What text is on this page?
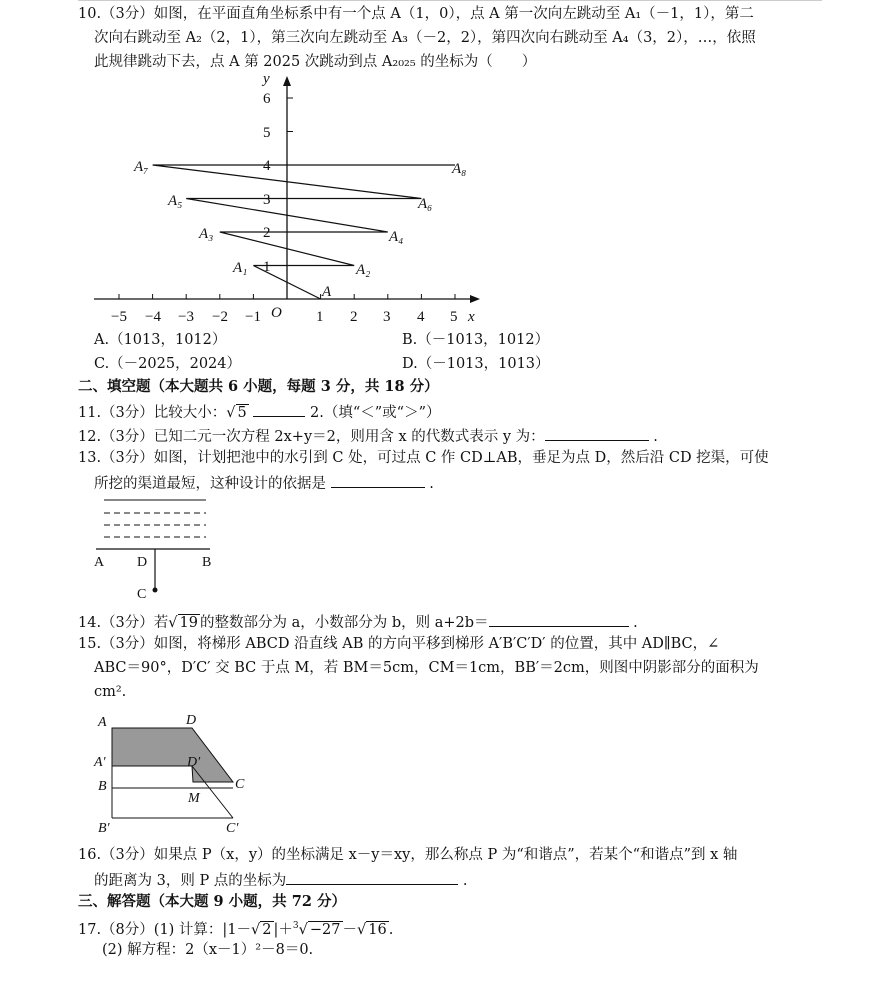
10.（3分）如图，在平面直角坐标系中有一个点 A（1，0），点 A 第一次向左跳动至 A₁（－1，1），第二
次向右跳动至 A₂（2，1），第三次向左跳动至 A₃（－2，2），第四次向右跳动至 A₄（3，2），…，依照
此规律跳动下去，点 A 第 2025 次跳动到点 A₂₀₂₅ 的坐标为（　　）
−5 −4 −3 −2 −1 O 1 2 3 4 5 x
6
5
4
3
2
1
y
A
A₁	A₂
A₃	A₄
A₅	A₆
A₇	A₈
A.（1013，1012）	B.（－1013，1012）
C.（－2025，2024）	D.（－1013，1013）
二、填空题（本大题共 6 小题，每题 3 分，共 18 分）
11.（3分）比较大小：√ 5	2.（填“＜”或“＞”）
12.（3分）已知二元一次方程 2x+y＝2，则用含 x 的代数式表示 y 为：	.
13.（3分）如图，计划把池中的水引到 C 处，可过点 C 作 CD⊥AB，垂足为点 D，然后沿 CD 挖渠，可使
所挖的渠道最短，这种设计的依据是	.
A D	B
C
14.（3分）若√ 19 的整数部分为 a，小数部分为 b，则 a+2b＝	.
15.（3分）如图，将梯形 ABCD 沿直线 AB 的方向平移到梯形 A′B′C′D′ 的位置，其中 AD∥BC，∠
ABC＝90°，D′C′ 交 BC 于点 M，若 BM＝5cm，CM＝1cm，BB′＝2cm，则图中阴影部分的面积为
cm².
A	D
A′	D′
B
M
C
B′	C′
16.（3分）如果点 P（x，y）的坐标满足 x－y＝xy，那么称点 P 为“和谐点”，若某个“和谐点”到 x 轴
的距离为 3，则 P 点的坐标为	.
三、解答题（本大题 9 小题，共 72 分）
17.（8分）(1) 计算：|1－√ 2 |＋$^3$√ −27 －√ 16 .
(2) 解方程：2（x－1）²－8＝0.
